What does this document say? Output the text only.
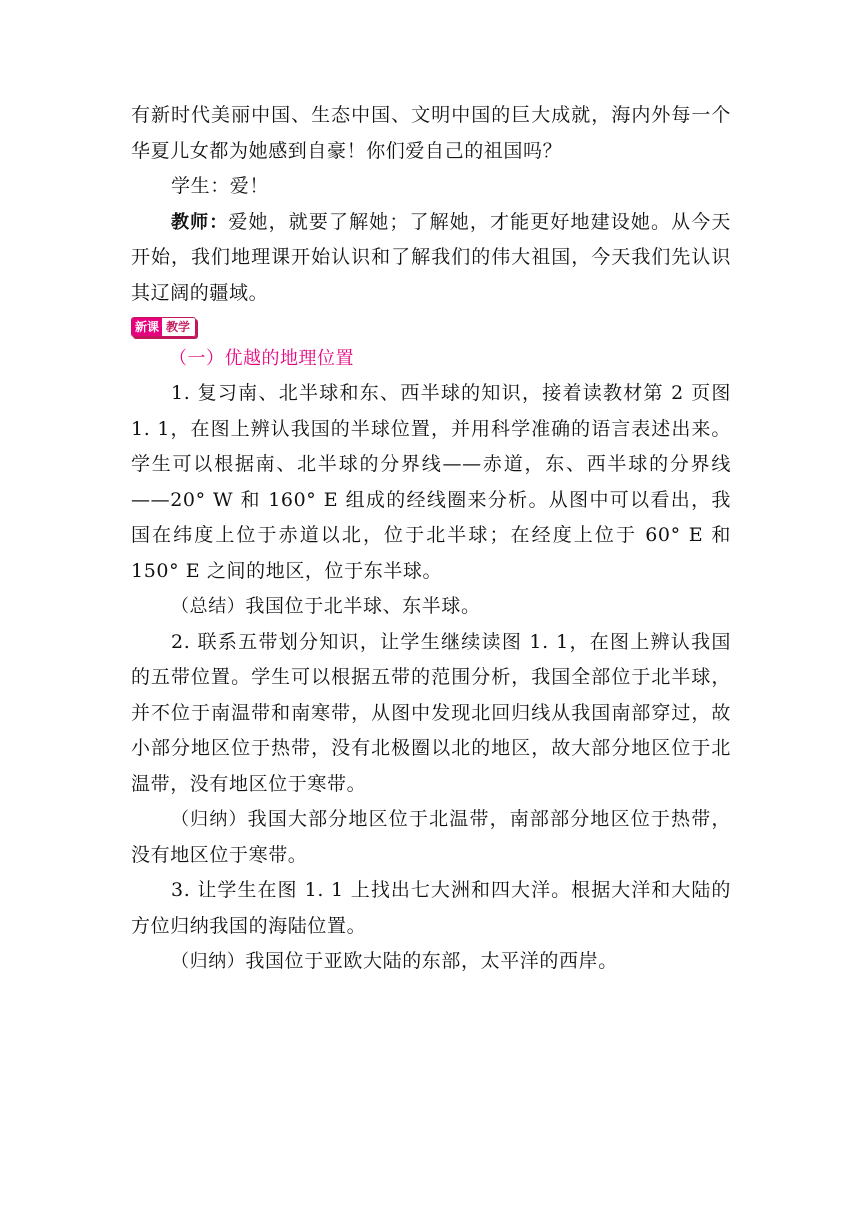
有新时代美丽中国、生态中国、文明中国的巨大成就，海内外每一个华夏儿女都为她感到自豪！你们爱自己的祖国吗？

学生：爱！

教师：爱她，就要了解她；了解她，才能更好地建设她。从今天开始，我们地理课开始认识和了解我们的伟大祖国，今天我们先认识其辽阔的疆域。

新课 教学

（一）优越的地理位置

1. 复习南、北半球和东、西半球的知识，接着读教材第 2 页图 1. 1，在图上辨认我国的半球位置，并用科学准确的语言表述出来。学生可以根据南、北半球的分界线——赤道，东、西半球的分界线——20° W 和 160° E 组成的经线圈来分析。从图中可以看出，我国在纬度上位于赤道以北，位于北半球；在经度上位于 60° E 和 150° E 之间的地区，位于东半球。

（总结）我国位于北半球、东半球。

2. 联系五带划分知识，让学生继续读图 1. 1，在图上辨认我国的五带位置。学生可以根据五带的范围分析，我国全部位于北半球，并不位于南温带和南寒带，从图中发现北回归线从我国南部穿过，故小部分地区位于热带，没有北极圈以北的地区，故大部分地区位于北温带，没有地区位于寒带。

（归纳）我国大部分地区位于北温带，南部部分地区位于热带，没有地区位于寒带。

3. 让学生在图 1. 1 上找出七大洲和四大洋。根据大洋和大陆的方位归纳我国的海陆位置。

（归纳）我国位于亚欧大陆的东部，太平洋的西岸。
